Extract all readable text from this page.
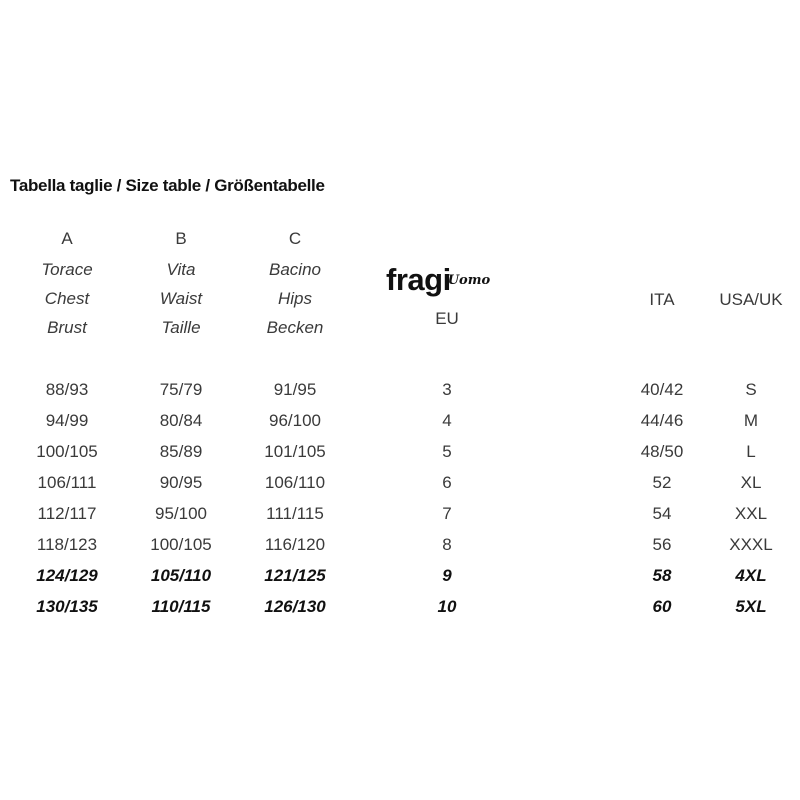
Tabella taglie / Size table / Größentabelle
A
Torace
Chest
Brust
B
Vita
Waist
Taille
C
Bacino
Hips
Becken
fragi$^{Uomo}$
EU
ITA	USA/UK
88/93	75/79	91/95	3	40/42	S
94/99	80/84	96/100	4	44/46	M
100/105	85/89	101/105	5	48/50	L
106/111	90/95	106/110	6	52	XL
112/117	95/100	111/115	7	54	XXL
118/123	100/105	116/120	8	56	XXXL
124/129	105/110	121/125	9	58	4XL
130/135	110/115	126/130	10	60	5XL
